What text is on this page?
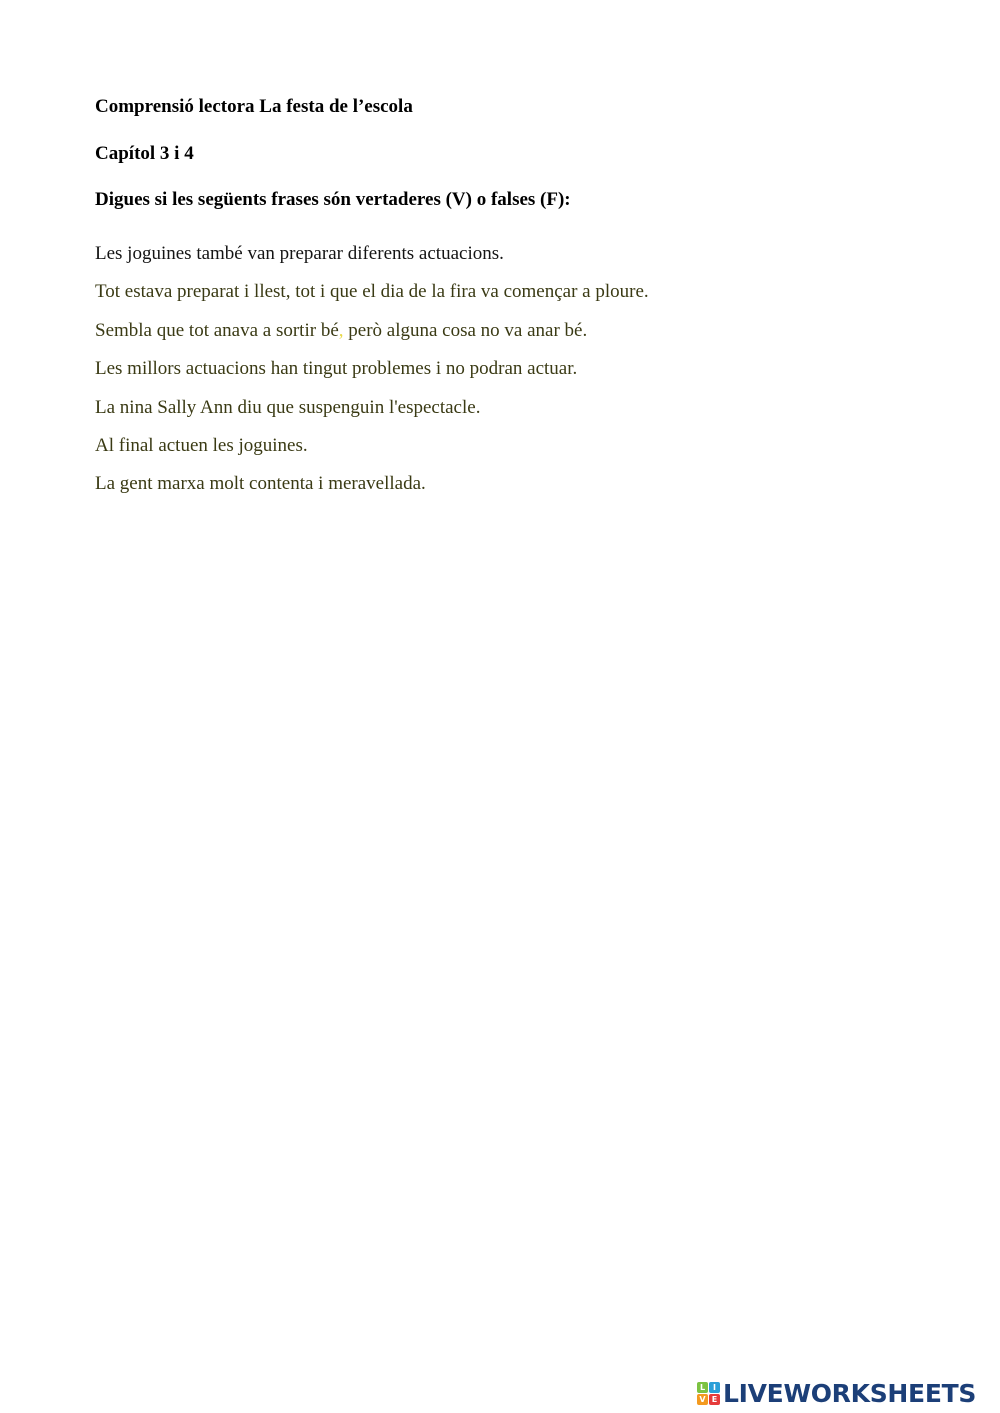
Comprensió lectora La festa de l’escola
Capítol 3 i 4
Digues si les següents frases són vertaderes (V) o falses (F):
Les joguines també van preparar diferents actuacions.
Tot estava preparat i llest, tot i que el dia de la fira va començar a ploure.
Sembla que tot anava a sortir bé, però alguna cosa no va anar bé.
Les millors actuacions han tingut problemes i no podran actuar.
La nina Sally Ann diu que suspenguin l'espectacle.
Al final actuen les joguines.
La gent marxa molt contenta i meravellada.
L I
V E LIVEWORKSHEETS
